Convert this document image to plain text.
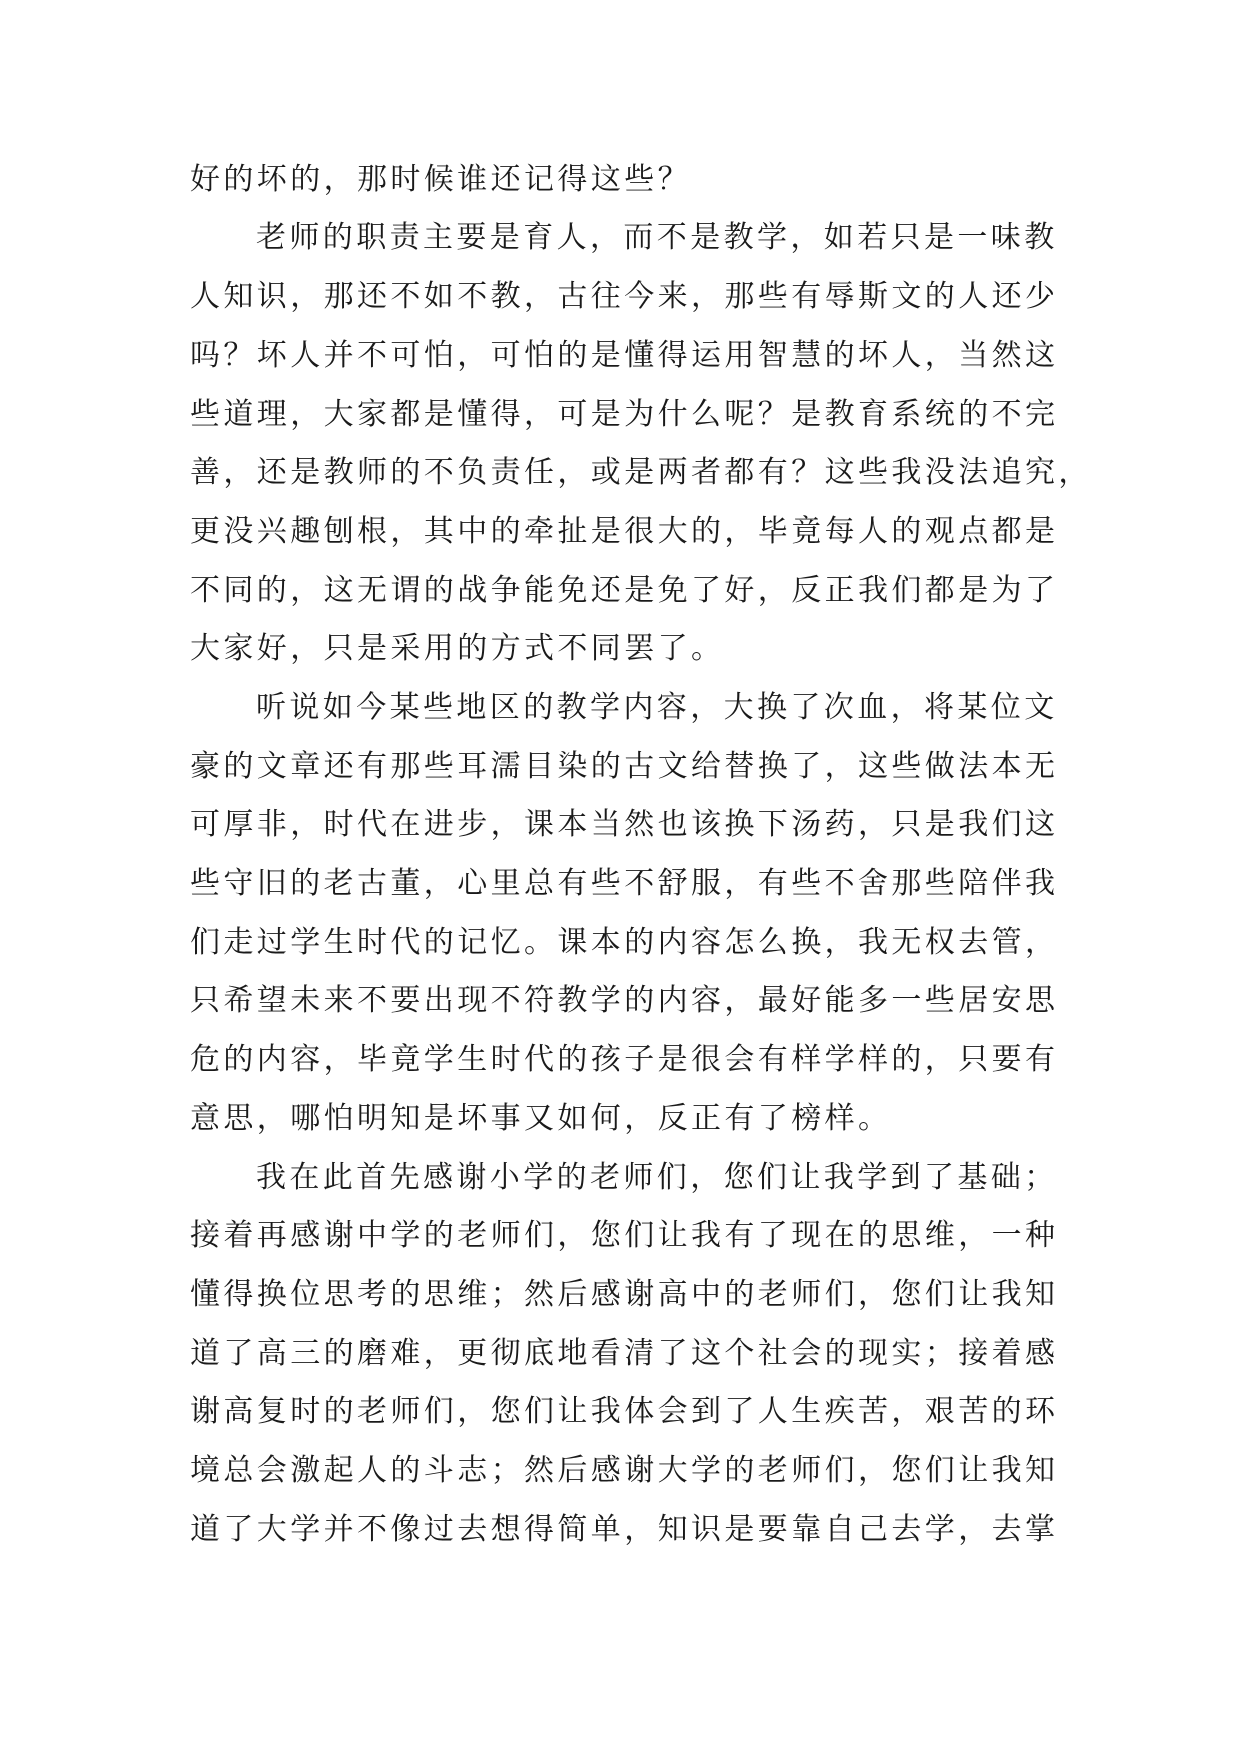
好的坏的，那时候谁还记得这些？
老师的职责主要是育人，而不是教学，如若只是一味教
人知识，那还不如不教，古往今来，那些有辱斯文的人还少
吗？坏人并不可怕，可怕的是懂得运用智慧的坏人，当然这
些道理，大家都是懂得，可是为什么呢？是教育系统的不完
善，还是教师的不负责任，或是两者都有？这些我没法追究，
更没兴趣刨根，其中的牵扯是很大的，毕竟每人的观点都是
不同的，这无谓的战争能免还是免了好，反正我们都是为了
大家好，只是采用的方式不同罢了。
听说如今某些地区的教学内容，大换了次血，将某位文
豪的文章还有那些耳濡目染的古文给替换了，这些做法本无
可厚非，时代在进步，课本当然也该换下汤药，只是我们这
些守旧的老古董，心里总有些不舒服，有些不舍那些陪伴我
们走过学生时代的记忆。课本的内容怎么换，我无权去管，
只希望未来不要出现不符教学的内容，最好能多一些居安思
危的内容，毕竟学生时代的孩子是很会有样学样的，只要有
意思，哪怕明知是坏事又如何，反正有了榜样。
我在此首先感谢小学的老师们，您们让我学到了基础；
接着再感谢中学的老师们，您们让我有了现在的思维，一种
懂得换位思考的思维；然后感谢高中的老师们，您们让我知
道了高三的磨难，更彻底地看清了这个社会的现实；接着感
谢高复时的老师们，您们让我体会到了人生疾苦，艰苦的环
境总会激起人的斗志；然后感谢大学的老师们，您们让我知
道了大学并不像过去想得简单，知识是要靠自己去学，去掌
